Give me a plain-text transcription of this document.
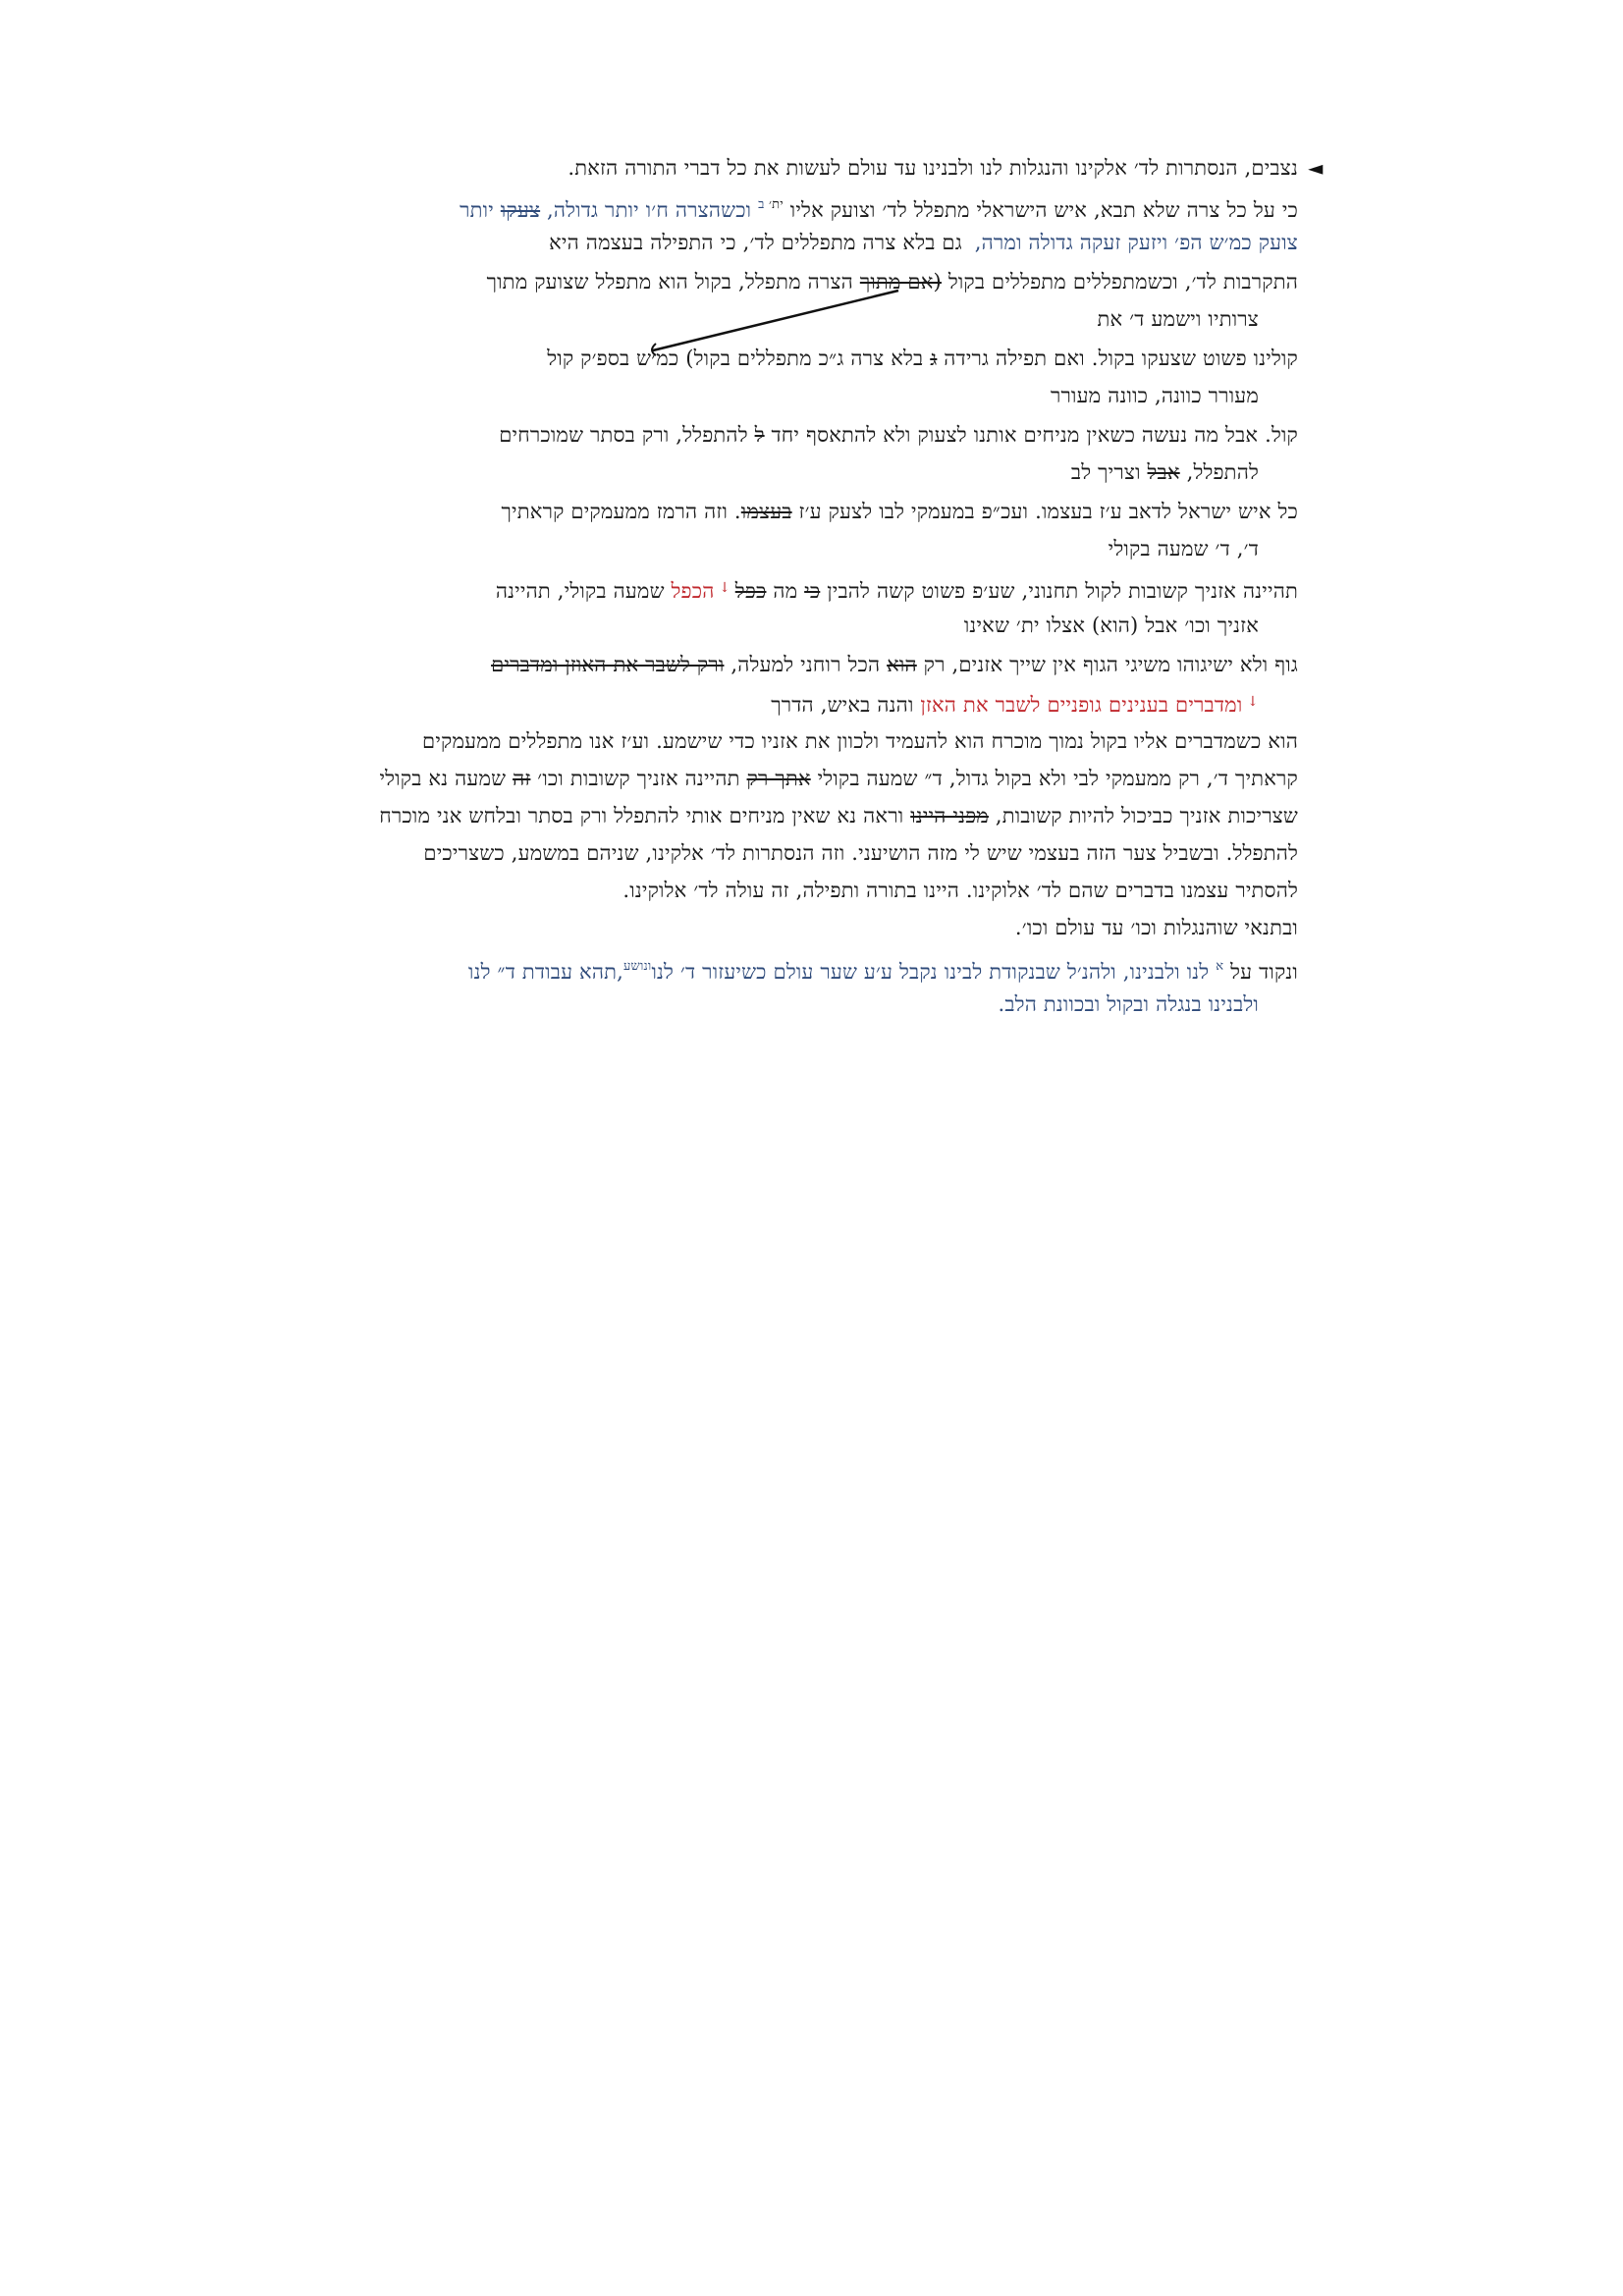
◄
נצבים, הנסתרות לד׳ אלקינו והנגלות לנו ולבנינו עד עולם לעשות את כל דברי התורה הזאת.
כי על כל צרה שלא תבא, איש הישראלי מתפלל לד׳ וצועק אליו $^{ית׳}$ $^ב$ וכשהצרה ח׳ו יותר גדולה, צעקו יותר
צועק כמ׳ש הפ׳ ויזעק זעקה גדולה ומרה, גם בלא צרה מתפללים לד׳, כי התפילה בעצמה היא
התקרבות לד׳, וכשמתפללים מתפללים בקול (אם מתוך הצרה מתפלל, בקול הוא מתפלל שצועק מתוך
צרותיו וישמע ד׳ את
קולינו פשוט שצעקו בקול. ואם תפילה גרידה ג בלא צרה ג״כ מתפללים בקול) כמ׳ש בספ׳ק קול
מעורר כוונה, כוונה מעורר
קול. אבל מה נעשה כשאין מניחים אותנו לצעוק ולא להתאסף יחד ל להתפלל, ורק בסתר שמוכרחים
להתפלל, אבל וצריך לב
כל איש ישראל לדאב ע׳ז בעצמו. ועכ״פ במעמקי לבו לצעק ע׳ז בעצמו. וזה הרמז ממעמקים קראתיך
ד׳, ד׳ שמעה בקולי
תהיינה אזניך קשובות לקול תחנוני, שע׳פ פשוט קשה להבין כי מה כפל ↓ הכפל שמעה בקולי, תהיינה
אזניך וכו׳ אבל (הוא) אצלו ית׳ שאינו
גוף ולא ישיגוהו משיגי הגוף אין שייך אזנים, רק הוא הכל רוחני למעלה, ורק לשבר את האוזן ומדברים
↓ ומדברים בענינים גופניים לשבר את האזן והנה באיש, הדרך
הוא כשמדברים אליו בקול נמוך מוכרח הוא להעמיד ולכוון את אזניו כדי שישמע. וע׳ז אנו מתפללים ממעמקים
קראתיך ד׳, רק ממעמקי לבי ולא בקול גדול, ד״ שמעה בקולי אתך רק תהיינה אזניך קשובות וכו׳ זה שמעה נא בקולי
שצריכות אזניך כביכול להיות קשובות, מפני היינו וראה נא שאין מניחים אותי להתפלל ורק בסתר ובלחש אני מוכרח
להתפלל. ובשביל צער הזה בעצמי שיש לי מזה הושיעני. וזה הנסתרות לד׳ אלקינו, שניהם במשמע, כשצריכים
להסתיר עצמנו בדברים שהם לד׳ אלוקינו. היינו בתורה ותפילה, זה עולה לד׳ אלוקינו.
ובתנאי שוהנגלות וכו׳ עד עולם וכו׳.
ונקוד על $^א$ לנו ולבנינו, ולהנ׳ל שבנקודת לבינו נקבל ע׳ע שער עולם כשיעזור ד׳ לנו$^{ונושע}$,תהא עבודת ד״ לנו
ולבנינו בנגלה ובקול ובכוונת הלב.
